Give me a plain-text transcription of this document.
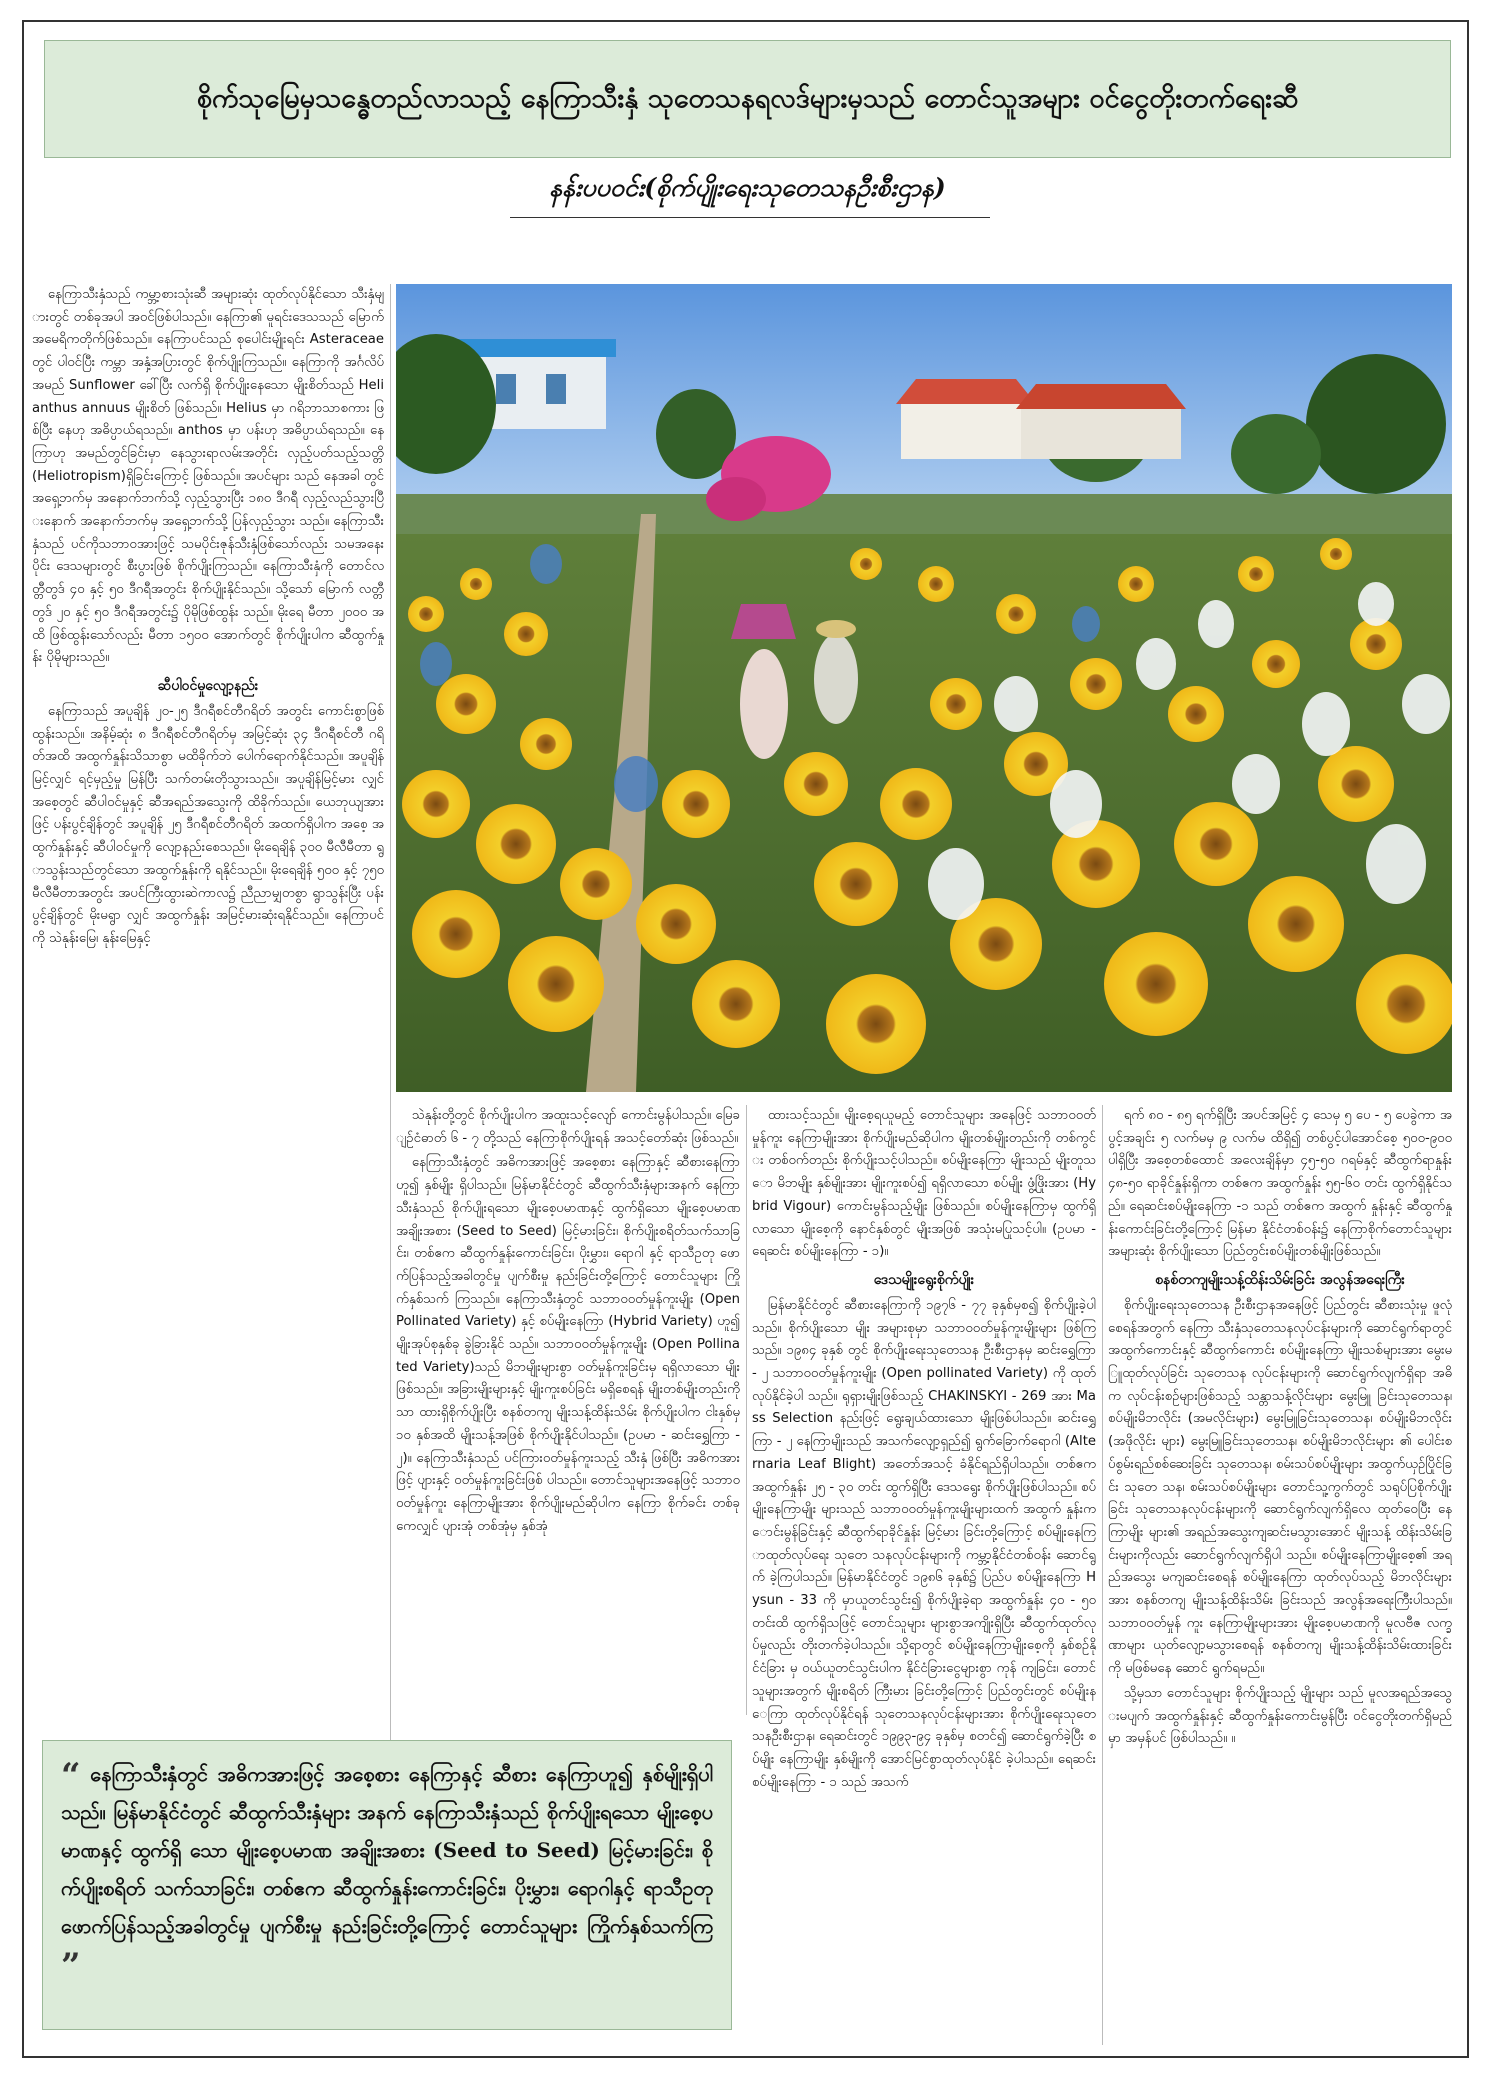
စိုက်သုမြေမှသန္ဓေတည်လာသည့် နေကြာသီးနှံ သုတေသနရလဒ်များမှသည် တောင်သူအများ ဝင်ငွေတိုးတက်ရေးဆီ
နန်းပပဝင်း(စိုက်ပျိုးရေးသုတေသနဦးစီးဌာန)

နေကြာသီးနှံသည် ကမ္ဘာ့စားသုံးဆီ အများဆုံး ထုတ်လုပ်နိုင်သော သီးနှံများတွင် တစ်ခုအပါ အဝင်ဖြစ်ပါသည်။ နေကြာ၏ မူရင်းဒေသသည် မြောက်အမေရိကတိုက်ဖြစ်သည်။ နေကြာပင်သည် စုပေါင်းမျိုးရင်း Asteraceae တွင် ပါဝင်ပြီး ကမ္ဘာ အနှံ့အပြားတွင် စိုက်ပျိုးကြသည်။ နေကြာကို အင်္ဂလိပ်အမည် Sunflower ခေါ်ပြီး လက်ရှိ စိုက်ပျိုးနေသော မျိုးစိတ်သည် Helianthus annuus မျိုးစိတ် ဖြစ်သည်။ Helius မှာ ဂရိဘာသာစကား ဖြစ်ပြီး နေဟု အဓိပ္ပာယ်ရသည်။ anthos မှာ ပန်းဟု အဓိပ္ပာယ်ရသည်။ နေကြာဟု အမည်တွင်ခြင်းမှာ နေသွားရာလမ်းအတိုင်း လှည့်ပတ်သည့်သတ္တိ (Heliotropism)ရှိခြင်းကြောင့် ဖြစ်သည်။ အပင်များ သည် နေအခါ တွင် အရှေ့ဘက်မှ အနောက်ဘက်သို့ လှည့်သွားပြီး ၁၈၀ ဒီဂရီ လှည့်လည်သွားပြီးနောက် အနောက်ဘက်မှ အရှေ့ဘက်သို့ ပြန်လှည့်သွား သည်။ နေကြာသီးနှံသည် ပင်ကိုသဘာဝအားဖြင့် သမပိုင်းဇုန်သီးနှံဖြစ်သော်လည်း သမအနေးပိုင်း ဒေသများတွင် စီးပွားဖြစ် စိုက်ပျိုးကြသည်။ နေကြာသီးနှံကို တောင်လတ္တီတွဒ် ၄၀ နှင့် ၅၀ ဒီဂရီအတွင်း စိုက်ပျိုးနိုင်သည်။ သို့သော် မြောက် လတ္တီတွဒ် ၂၀ နှင့် ၅၀ ဒီဂရီအတွင်း၌ ပိုမိုဖြစ်ထွန်း သည်။ မိုးရေ မီတာ ၂၀၀၀ အထိ ဖြစ်ထွန်းသော်လည်း မီတာ ၁၅၀၀ အောက်တွင် စိုက်ပျိုးပါက ဆီထွက်နှုန်း ပိုမိုများသည်။

ဆီပါဝင်မှုလျော့နည်း

နေကြာသည် အပူချိန် ၂၀-၂၅ ဒီဂရီစင်တီဂရိတ် အတွင်း ကောင်းစွာဖြစ်ထွန်းသည်။ အနိမ့်ဆုံး ၈ ဒီဂရီစင်တီဂရိတ်မှ အမြင့်ဆုံး ၃၄ ဒီဂရီစင်တီ ဂရိတ်အထိ အထွက်နှုန်းသိသာစွာ မထိခိုက်ဘဲ ပေါက်ရောက်နိုင်သည်။ အပူချိန်မြင့်လျှင် ရင့်မှည့်မှု မြန်ပြီး သက်တမ်းတိုသွားသည်။ အပူချိန်မြင့်မား လျှင် အစေ့တွင် ဆီပါဝင်မှုနှင့် ဆီအရည်အသွေးကို ထိခိုက်သည်။ ယေဘုယျအားဖြင့် ပန်းပွင့်ချိန်တွင် အပူချိန် ၂၅ ဒီဂရီစင်တီဂရိတ် အထက်ရှိပါက အစေ့ အထွက်နှုန်းနှင့် ဆီပါဝင်မှုကို လျော့နည်းစေသည်။ မိုးရေချိန် ၃၀၀ မီလီမီတာ ရွာသွန်းသည်တွင်သော အထွက်နှုန်းကို ရနိုင်သည်။ မိုးရေချိန် ၅၀၀ နှင့် ၇၅၀ မီလီမီတာအတွင်း အပင်ကြီးထွားဆဲကာလ၌ ညီညာမျှတစွာ ရွာသွန်းပြီး ပန်းပွင့်ချိန်တွင် မိုးမရွာ လျှင် အထွက်နှုန်း အမြင့်မားဆုံးရနိုင်သည်။ နေကြာပင်ကို သဲနုန်းမြေ၊ နုန်းမြေနှင့်

သဲနုန်းတို့တွင် စိုက်ပျိုးပါက အထူးသင့်လျော် ကောင်းမွန်ပါသည်။ မြေချဉ်ငံဓာတ် ၆ - ၇ တို့သည် နေကြာစိုက်ပျိုးရန် အသင့်တော်ဆုံး ဖြစ်သည်။

နေကြာသီးနှံတွင် အဓိကအားဖြင့် အစေ့စား နေကြာနှင့် ဆီစားနေကြာဟူ၍ နှစ်မျိုး ရှိပါသည်။ မြန်မာနိုင်ငံတွင် ဆီထွက်သီးနှံများအနက် နေကြာ သီးနှံသည် စိုက်ပျိုးရသော မျိုးစေ့ပမာဏနှင့် ထွက်ရှိသော မျိုးစေ့ပမာဏ အချိုးအစား (Seed to Seed) မြင့်မားခြင်း၊ စိုက်ပျိုးစရိတ်သက်သာခြင်း၊ တစ်ဧက ဆီထွက်နှုန်းကောင်းခြင်း၊ ပိုးမွှား၊ ရောဂါ နှင့် ရာသီဥတု ဖောက်ပြန်သည့်အခါတွင်မှု ပျက်စီးမှု နည်းခြင်းတို့ကြောင့် တောင်သူများ ကြိုက်နှစ်သက် ကြသည်။ နေကြာသီးနှံတွင် သဘာဝဝတ်မှုန်ကူးမျိုး (Open Pollinated Variety) နှင့် စပ်မျိုးနေကြာ (Hybrid Variety) ဟူ၍ မျိုးအုပ်စုနှစ်ခု ခွဲခြားနိုင် သည်။ သဘာဝဝတ်မှုန်ကူးမျိုး (Open Pollinated Variety)သည် မိဘမျိုးများစွာ ဝတ်မှုန်ကူးခြင်းမှ ရရှိလာသော မျိုးဖြစ်သည်။ အခြားမျိုးများနှင့် မျိုးကူးစပ်ခြင်း မရှိစေရန် မျိုးတစ်မျိုးတည်းကိုသာ ထားရှိစိုက်ပျိုးပြီး စနစ်တကျ မျိုးသန့်ထိန်းသိမ်း စိုက်ပျိုးပါက ငါးနှစ်မှ ၁၀ နှစ်အထိ မျိုးသန့်အဖြစ် စိုက်ပျိုးနိုင်ပါသည်။ (ဥပမာ - ဆင်းရွှေကြာ - ၂)။ နေကြာသီးနှံသည် ပင်ကြားဝတ်မှုန်ကူးသည့် သီးနှံ ဖြစ်ပြီး အဓိကအားဖြင့် ပျားနှင့် ဝတ်မှုန်ကူးခြင်းဖြစ် ပါသည်။ တောင်သူများအနေဖြင့် သဘာဝဝတ်မှုန်ကူး နေကြာမျိုးအား စိုက်ပျိုးမည်ဆိုပါက နေကြာ စိုက်ခင်း တစ်ခုကေလျှင် ပျားအုံ တစ်အုံမှ နှစ်အုံ

ထားသင့်သည်။ မျိုးစေ့ရယူမည့် တောင်သူများ အနေဖြင့် သဘာဝဝတ်မှုန်ကူး နေကြာမျိုးအား စိုက်ပျိုးမည်ဆိုပါက မျိုးတစ်မျိုးတည်းကို တစ်ကွင်း တစ်ဝက်တည်း စိုက်ပျိုးသင့်ပါသည်။ စပ်မျိုးနေကြာ မျိုးသည် မျိုးတူသော မိဘမျိုး နှစ်မျိုးအား မျိုးကူးစပ်၍ ရရှိလာသော စပ်မျိုး ဖွံ့ဖြိုးအား (Hybrid Vigour) ကောင်းမွန်သည့်မျိုး ဖြစ်သည်။ စပ်မျိုးနေကြာမှ ထွက်ရှိလာသော မျိုးစေ့ကို နောင်နှစ်တွင် မျိုးအဖြစ် အသုံးမပြုသင့်ပါ။ (ဥပမာ - ရေဆင်း စပ်မျိုးနေကြာ - ၁)။

ဒေသမျိုးရွေးစိုက်ပျိုး

မြန်မာနိုင်ငံတွင် ဆီစားနေကြာကို ၁၉၇၆ - ၇၇ ခုနှစ်မှစ၍ စိုက်ပျိုးခဲ့ပါသည်။ စိုက်ပျိုးသော မျိုး အများစုမှာ သဘာဝဝတ်မှုန်ကူးမျိုးများ ဖြစ်ကြ သည်။ ၁၉၈၄ ခုနှစ် တွင် စိုက်ပျိုးရေးသုတေသန ဦးစီးဌာနမှ ဆင်းရွှေကြာ - ၂ သဘာဝဝတ်မှုန်ကူးမျိုး (Open pollinated Variety) ကို ထုတ်လုပ်နိုင်ခဲ့ပါ သည်။ ရုရှားမျိုးဖြစ်သည့် CHAKINSKYI - 269 အား Mass Selection နည်းဖြင့် ရွေးချယ်ထားသော မျိုးဖြစ်ပါသည်။ ဆင်းရွှေကြာ - ၂ နေကြာမျိုးသည် အသက်လျော့ရှည်၍ ရွက်ခြောက်ရောဂါ (Alternaria Leaf Blight) အတော်အသင့် ခံနိုင်ရည်ရှိပါသည်။ တစ်ဧက အထွက်နှုန်း ၂၅ - ၃၀ တင်း ထွက်ရှိပြီး ဒေသရွေး စိုက်ပျိုးဖြစ်ပါသည်။ စပ်မျိုးနေကြာမျိုး များသည် သဘာဝဝတ်မှုန်ကူးမျိုးများထက် အထွက် နှုန်းကောင်းမွန်ခြင်းနှင့် ဆီထွက်ရာခိုင်နှုန်း မြင့်မား ခြင်းတို့ကြောင့် စပ်မျိုးနေကြာထုတ်လုပ်ရေး သုတေ သနလုပ်ငန်းများကို ကမ္ဘာ့နိုင်ငံတစ်ဝန်း ဆောင်ရွက် ခဲ့ကြပါသည်။ မြန်မာနိုင်ငံတွင် ၁၉၈၆ ခုနှစ်၌ ပြည်ပ စပ်မျိုးနေကြာ Hysun - 33 ကို မှာယူတင်သွင်း၍ စိုက်ပျိုးခဲ့ရာ အထွက်နှုန်း ၄၀ - ၅၀ တင်းထိ ထွက်ရှိသဖြင့် တောင်သူများ များစွာအကျိုးရှိပြီး ဆီထွက်ထုတ်လုပ်မှုလည်း တိုးတက်ခဲ့ပါသည်။ သို့ရာတွင် စပ်မျိုးနေကြာမျိုးစေ့ကို နှစ်စဉ်နိုင်ငံခြား မှ ဝယ်ယူတင်သွင်းပါက နိုင်ငံခြားငွေများစွာ ကုန် ကျခြင်း၊ တောင်သူများအတွက် မျိုးစရိတ် ကြီးမား ခြင်းတို့ကြောင့် ပြည်တွင်းတွင် စပ်မျိုးနေကြာ ထုတ်လုပ်နိုင်ရန် သုတေသနလုပ်ငန်းများအား စိုက်ပျိုးရေးသုတေသနဦးစီးဌာန၊ ရေဆင်းတွင် ၁၉၉၃-၉၄ ခုနှစ်မှ စတင်၍ ဆောင်ရွက်ခဲ့ပြီး စပ်မျိုး နေကြာမျိုး နှစ်မျိုးကို အောင်မြင်စွာထုတ်လုပ်နိုင် ခဲ့ပါသည်။ ရေဆင်းစပ်မျိုးနေကြာ - ၁ သည် အသက်

ရက် ၈၀ - ၈၅ ရက်ရှိပြီး အပင်အမြင့် ၄ သေမှ ၅ ပေ - ၅ ပေခွဲကာ အပွင့်အချင်း ၅ လက်မမှ ၉ လက်မ ထိရှိ၍ တစ်ပွင့်ပါအောင်စေ့ ၅၀၀-၉၀၀ ပါရှိပြီး အစေ့တစ်ထောင် အလေးချိန်မှာ ၄၅-၅၀ ဂရမ်နှင့် ဆီထွက်ရာနှုန်း ၄၈-၅၀ ရာခိုင်နှုန်းရှိကာ တစ်ဧက အထွက်နှုန်း ၅၅-၆၀ တင်း ထွက်ရှိနိုင်သည်။ ရေဆင်းစပ်မျိုးနေကြာ -၁ သည် တစ်ဧက အထွက် နှုန်းနှင့် ဆီထွက်နှုန်းကောင်းခြင်းတို့ကြောင့် မြန်မာ နိုင်ငံတစ်ဝန်း၌ နေကြာစိုက်တောင်သူများ အများဆုံး စိုက်ပျိုးသော ပြည်တွင်းစပ်မျိုးတစ်မျိုးဖြစ်သည်။

စနစ်တကျမျိုးသန့်ထိန်းသိမ်းခြင်း အလွန်အရေးကြီး

စိုက်ပျိုးရေးသုတေသန ဦးစီးဌာနအနေဖြင့် ပြည်တွင်း ဆီစားသုံးမှု ဖူလုံစေရန်အတွက် နေကြာ သီးနှံသုတေသနလုပ်ငန်းများကို ဆောင်ရွက်ရာတွင် အထွက်ကောင်းနှင့် ဆီထွက်ကောင်း စပ်မျိုးနေကြာ မျိုးသစ်များအား မွေးမြူထုတ်လုပ်ခြင်း သုတေသန လုပ်ငန်းများကို ဆောင်ရွက်လျက်ရှိရာ အဓိက လုပ်ငန်းစဉ်များဖြစ်သည့် သန္တာသန့်လိုင်းများ မွေးမြူ ခြင်းသုတေသန၊ စပ်မျိုးမိဘလိုင်း (အမလိုင်းများ) မွေးမြူခြင်းသုတေသန၊ စပ်မျိုးမိဘလိုင်း (အဖိုလိုင်း များ) မွေးမြူခြင်းသုတေသန၊ စပ်မျိုးမိဘလိုင်းများ ၏ ပေါင်းစပ်စွမ်းရည်စစ်ဆေးခြင်း သုတေသန၊ စမ်းသပ်စပ်မျိုးများ အထွက်ယှဉ်ပြိုင်ခြင်း သုတေ သန၊ စမ်းသပ်စပ်မျိုးများ တောင်သူ့ကွက်တွင် သရုပ်ပြစိုက်ပျိုးခြင်း သုတေသနလုပ်ငန်းများကို ဆောင်ရွက်လျက်ရှိလေ ထုတ်ဝေပြီး နေကြာမျိုး များ၏ အရည်အသွေးကျဆင်းမသွားအောင် မျိုးသန့် ထိန်းသိမ်းခြင်းများကိုလည်း ဆောင်ရွက်လျက်ရှိပါ သည်။ စပ်မျိုးနေကြာမျိုးစေ့၏ အရည်အသွေး မကျဆင်းစေရန် စပ်မျိုးနေကြာ ထုတ်လုပ်သည့် မိဘလိုင်းများအား စနစ်တကျ မျိုးသန့်ထိန်းသိမ်း ခြင်းသည် အလွန်အရေးကြီးပါသည်။ သဘာဝဝတ်မှုန် ကူး နေကြာမျိုးများအား မျိုးစေ့ပမာဏကို မူလဗီဇ လက္ခဏာများ ယုတ်လျော့မသွားစေရန် စနစ်တကျ မျိုးသန့်ထိန်းသိမ်းထားခြင်းကို မဖြစ်မနေ ဆောင် ရွက်ရမည်။

သို့မှသာ တောင်သူများ စိုက်ပျိုးသည့် မျိုးများ သည် မူလအရည်အသွေးမပျက် အထွက်နှုန်းနှင့် ဆီထွက်နှုန်းကောင်းမွန်ပြီး ဝင်ငွေတိုးတက်ရှိမည် မှာ အမှန်ပင် ဖြစ်ပါသည်။ ။

“ နေကြာသီးနှံတွင် အဓိကအားဖြင့် အစေ့စား နေကြာနှင့် ဆီစား နေကြာဟူ၍ နှစ်မျိုးရှိပါသည်။ မြန်မာနိုင်ငံတွင် ဆီထွက်သီးနှံများ အနက် နေကြာသီးနှံသည် စိုက်ပျိုးရသော မျိုးစေ့ပမာဏနှင့် ထွက်ရှိ သော မျိုးစေ့ပမာဏ အချိုးအစား (Seed to Seed) မြင့်မားခြင်း၊ စိုက်ပျိုးစရိတ် သက်သာခြင်း၊ တစ်ဧက ဆီထွက်နှုန်းကောင်းခြင်း၊ ပိုးမွှား၊ ရောဂါနှင့် ရာသီဥတုဖောက်ပြန်သည့်အခါတွင်မှု ပျက်စီးမှု နည်းခြင်းတို့ကြောင့် တောင်သူများ ကြိုက်နှစ်သက်ကြ ”
